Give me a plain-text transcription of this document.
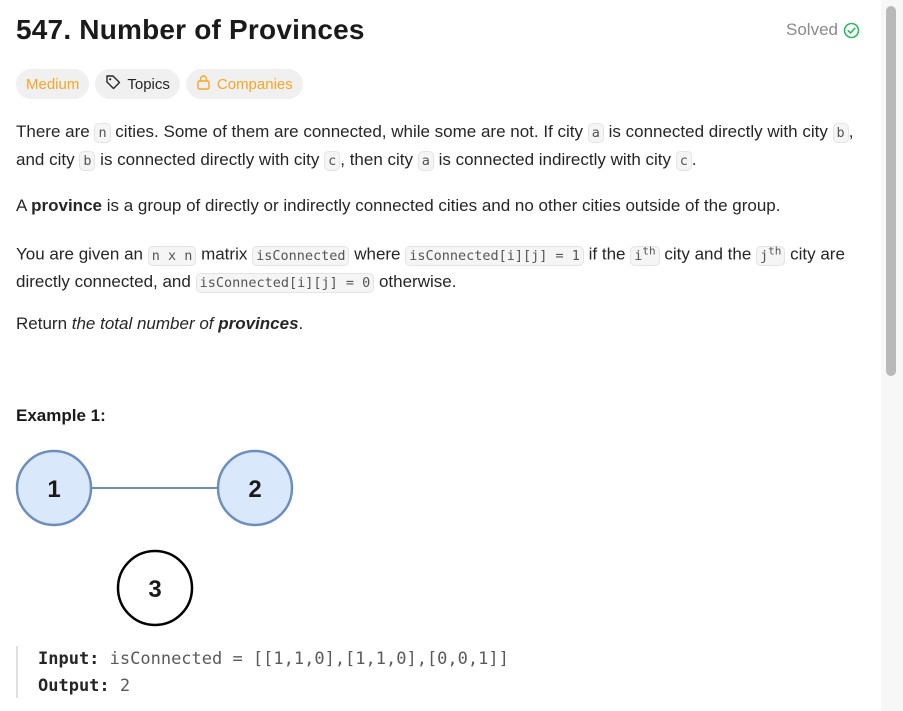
547. Number of Provinces	Solved
Medium	Topics	Companies

There are n cities. Some of them are connected, while some are not. If city a is connected directly with city b , and city b is connected directly with city c , then city a is connected indirectly with city c .

A province is a group of directly or indirectly connected cities and no other cities outside of the group.

You are given an n x n matrix isConnected where isConnected[i][j] = 1 if the $i^{th}$ city and the $j^{th}$ city are directly connected, and isConnected[i][j] = 0 otherwise.

Return the total number of provinces.

Example 1:
1	2
3
Input: isConnected = [[1,1,0],[1,1,0],[0,0,1]]
Output: 2
